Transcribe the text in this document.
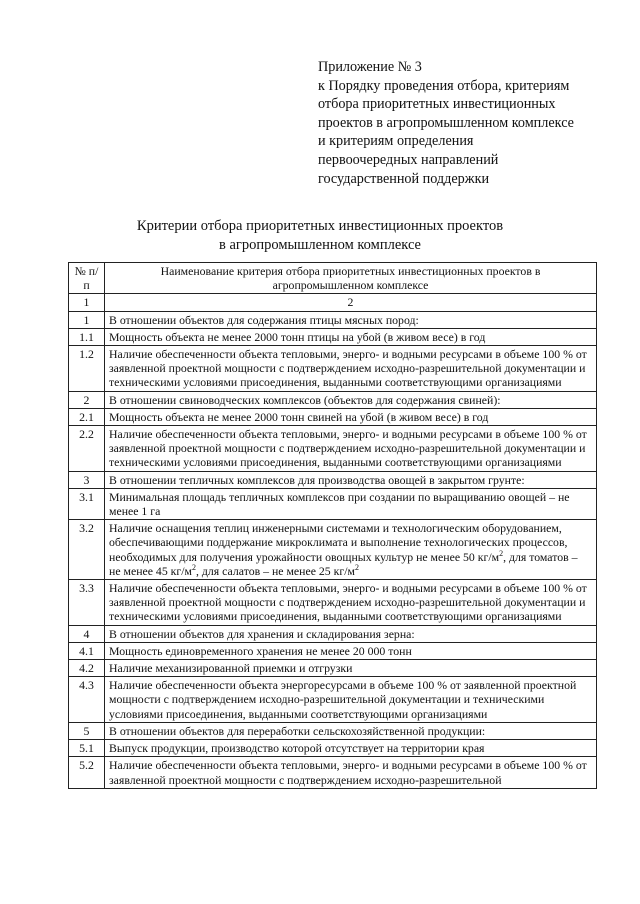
Приложение № 3
к Порядку проведения отбора, критериям
отбора приоритетных инвестиционных
проектов в агропромышленном комплексе
и критериям определения
первоочередных направлений
государственной поддержки
Критерии отбора приоритетных инвестиционных проектов
в агропромышленном комплексе
№ п/п	Наименование критерия отбора приоритетных инвестиционных проектов в агропромышленном комплексе
1	2
1	В отношении объектов для содержания птицы мясных пород:
1.1	Мощность объекта не менее 2000 тонн птицы на убой (в живом весе) в год
1.2	Наличие обеспеченности объекта тепловыми, энерго- и водными ресурсами в объеме 100 % от заявленной проектной мощности с подтверждением исходно-разрешительной документации и техническими условиями присоединения, выданными соответствующими организациями
2	В отношении свиноводческих комплексов (объектов для содержания свиней):
2.1	Мощность объекта не менее 2000 тонн свиней на убой (в живом весе) в год
2.2	Наличие обеспеченности объекта тепловыми, энерго- и водными ресурсами в объеме 100 % от заявленной проектной мощности с подтверждением исходно-разрешительной документации и техническими условиями присоединения, выданными соответствующими организациями
3	В отношении тепличных комплексов для производства овощей в закрытом грунте:
3.1	Минимальная площадь тепличных комплексов при создании по выращиванию овощей – не менее 1 га
3.2	Наличие оснащения теплиц инженерными системами и технологическим оборудованием, обеспечивающими поддержание микроклимата и выполнение технологических процессов, необходимых для получения урожайности овощных культур не менее 50 $кг/м^2$, для томатов – не менее 45 $кг/м^2$, для салатов – не менее 25 $кг/м^2$
3.3	Наличие обеспеченности объекта тепловыми, энерго- и водными ресурсами в объеме 100 % от заявленной проектной мощности с подтверждением исходно-разрешительной документации и техническими условиями присоединения, выданными соответствующими организациями
4	В отношении объектов для хранения и складирования зерна:
4.1	Мощность единовременного хранения не менее 20 000 тонн
4.2	Наличие механизированной приемки и отгрузки
4.3	Наличие обеспеченности объекта энергоресурсами в объеме 100 % от заявленной проектной мощности с подтверждением исходно-разрешительной документации и техническими условиями присоединения, выданными соответствующими организациями
5	В отношении объектов для переработки сельскохозяйственной продукции:
5.1	Выпуск продукции, производство которой отсутствует на территории края
5.2	Наличие обеспеченности объекта тепловыми, энерго- и водными ресурсами в объеме 100 % от заявленной проектной мощности с подтверждением исходно-разрешительной
